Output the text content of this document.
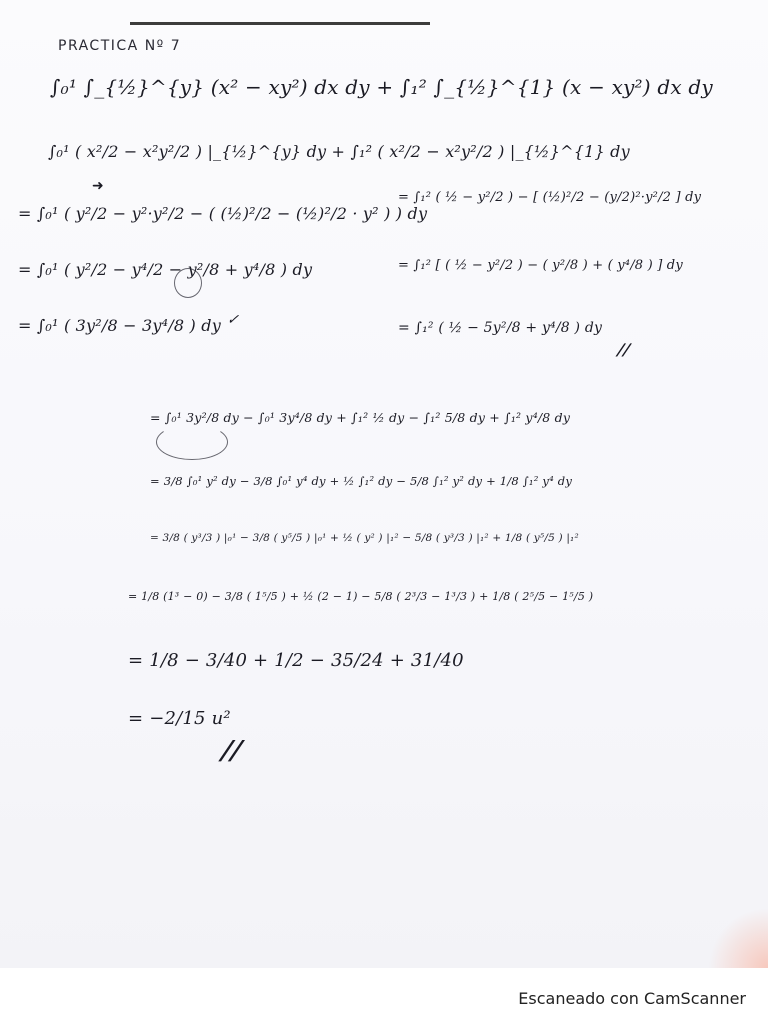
PRACTICA Nº 7
∫₀¹ ∫_{½}^{y} (x² − xy²) dx dy + ∫₁² ∫_{½}^{1} (x − xy²) dx dy
∫₀¹ ( x²/2 − x²y²/2 ) |_{½}^{y} dy + ∫₁² ( x²/2 − x²y²/2 ) |_{½}^{1} dy
➜
= ∫₀¹ ( y²/2 − y²·y²/2 − ( (½)²/2 − (½)²/2 · y² ) ) dy
= ∫₀¹ ( y²/2 − y⁴/2 − y²/8 + y⁴/8 ) dy
= ∫₀¹ ( 3y²/8 − 3y⁴/8 ) dy
= ∫₁² ( ½ − y²/2 ) − [ (½)²/2 − (y/2)²·y²/2 ] dy
= ∫₁² [ ( ½ − y²/2 ) − ( y²/8 ) + ( y⁴/8 ) ] dy
= ∫₁² ( ½ − 5y²/8 + y⁴/8 ) dy
= ∫₀¹ 3y²/8 dy − ∫₀¹ 3y⁴/8 dy + ∫₁² ½ dy − ∫₁² 5/8 dy + ∫₁² y⁴/8 dy
= 3/8 ∫₀¹ y² dy − 3/8 ∫₀¹ y⁴ dy + ½ ∫₁² dy − 5/8 ∫₁² y² dy + 1/8 ∫₁² y⁴ dy
= 3/8 ( y³/3 ) |₀¹ − 3/8 ( y⁵/5 ) |₀¹ + ½ ( y² ) |₁² − 5/8 ( y³/3 ) |₁² + 1/8 ( y⁵/5 ) |₁²
= 1/8 (1³ − 0) − 3/8 ( 1⁵/5 ) + ½ (2 − 1) − 5/8 ( 2³/3 − 1³/3 ) + 1/8 ( 2⁵/5 − 1⁵/5 )
= 1/8 − 3/40 + 1/2 − 35/24 + 31/40
= −2/15 u²
//
✓
//
Escaneado con CamScanner
